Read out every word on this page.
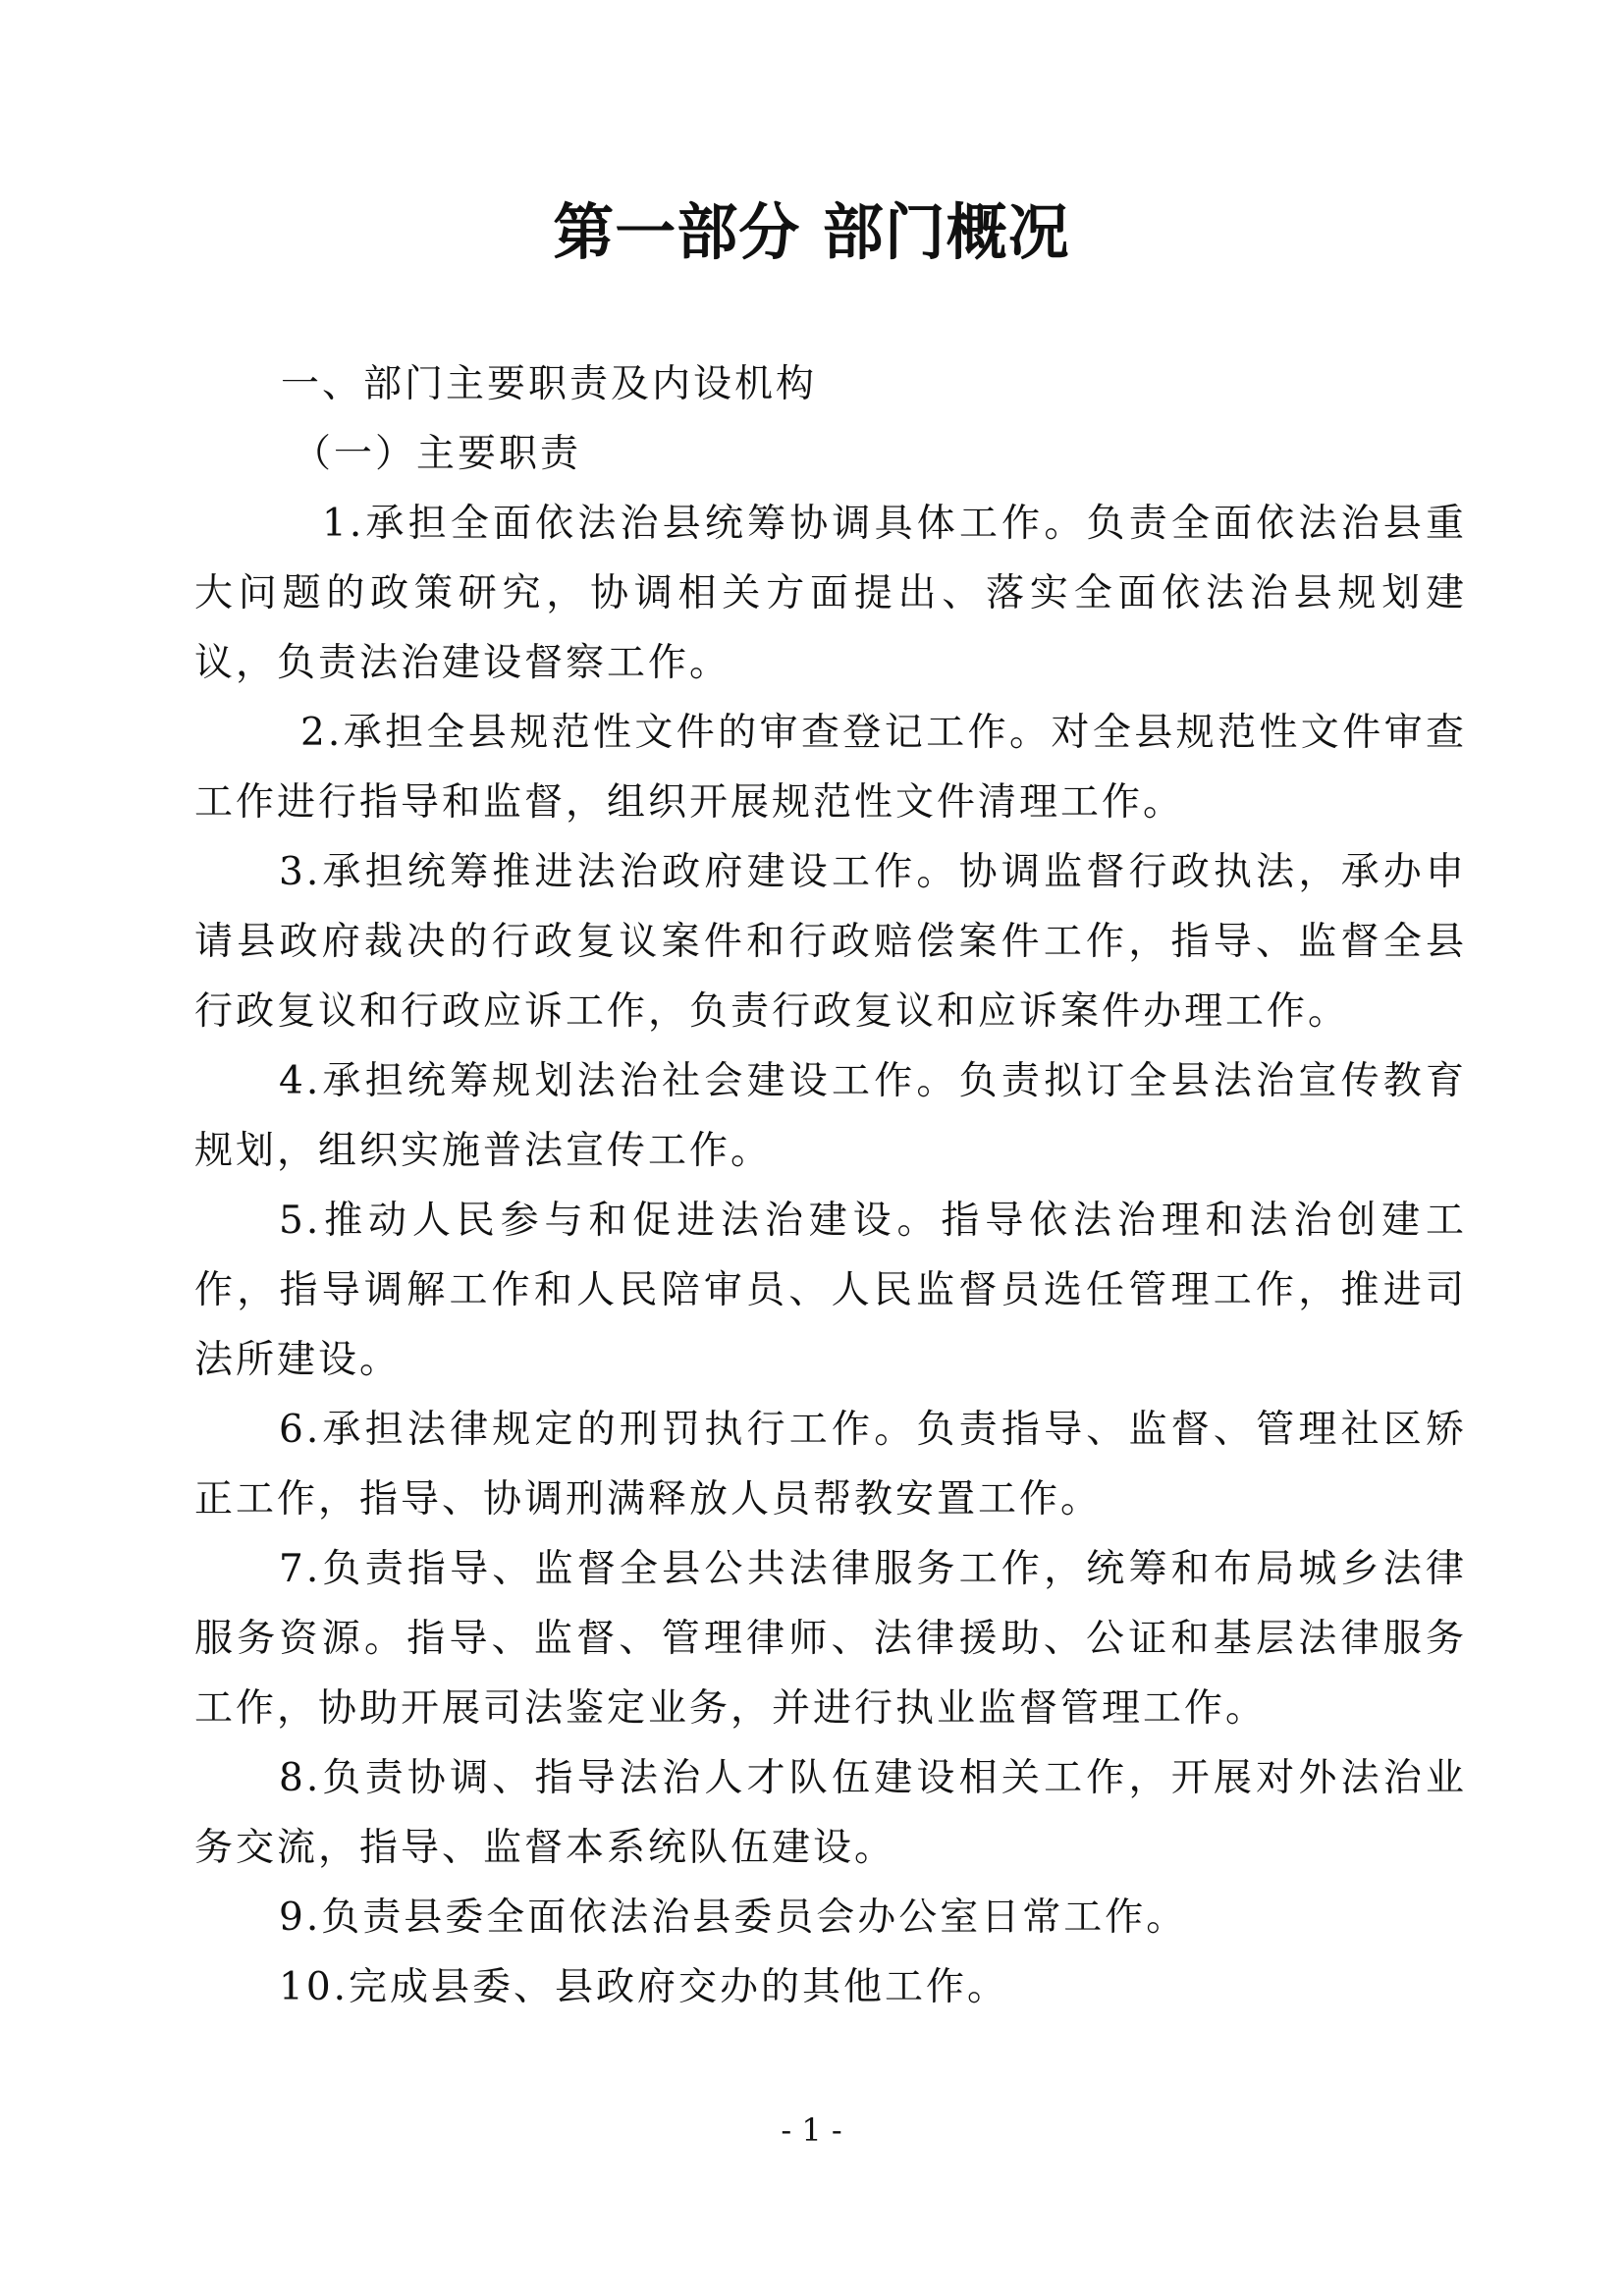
第一部分 部门概况

一、部门主要职责及内设机构

（一）主要职责

1.承担全面依法治县统筹协调具体工作。负责全面依法治县重大问题的政策研究，协调相关方面提出、落实全面依法治县规划建议，负责法治建设督察工作。

2.承担全县规范性文件的审查登记工作。对全县规范性文件审查工作进行指导和监督，组织开展规范性文件清理工作。

3.承担统筹推进法治政府建设工作。协调监督行政执法，承办申请县政府裁决的行政复议案件和行政赔偿案件工作，指导、监督全县行政复议和行政应诉工作，负责行政复议和应诉案件办理工作。

4.承担统筹规划法治社会建设工作。负责拟订全县法治宣传教育规划，组织实施普法宣传工作。

5.推动人民参与和促进法治建设。指导依法治理和法治创建工作，指导调解工作和人民陪审员、人民监督员选任管理工作，推进司法所建设。

6.承担法律规定的刑罚执行工作。负责指导、监督、管理社区矫正工作，指导、协调刑满释放人员帮教安置工作。

7.负责指导、监督全县公共法律服务工作，统筹和布局城乡法律服务资源。指导、监督、管理律师、法律援助、公证和基层法律服务工作，协助开展司法鉴定业务，并进行执业监督管理工作。

8.负责协调、指导法治人才队伍建设相关工作，开展对外法治业务交流，指导、监督本系统队伍建设。

9.负责县委全面依法治县委员会办公室日常工作。

10.完成县委、县政府交办的其他工作。

- 1 -
